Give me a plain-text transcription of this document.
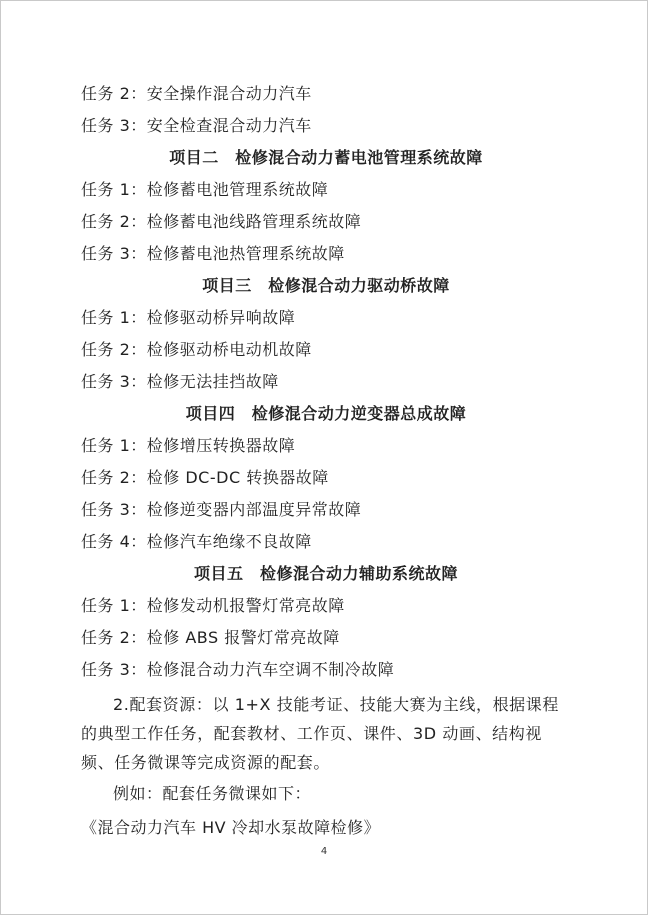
任务 2：安全操作混合动力汽车
任务 3：安全检查混合动力汽车
项目二　检修混合动力蓄电池管理系统故障
任务 1：检修蓄电池管理系统故障
任务 2：检修蓄电池线路管理系统故障
任务 3：检修蓄电池热管理系统故障
项目三　检修混合动力驱动桥故障
任务 1：检修驱动桥异响故障
任务 2：检修驱动桥电动机故障
任务 3：检修无法挂挡故障
项目四　检修混合动力逆变器总成故障
任务 1：检修增压转换器故障
任务 2：检修 DC-DC 转换器故障
任务 3：检修逆变器内部温度异常故障
任务 4：检修汽车绝缘不良故障
项目五　检修混合动力辅助系统故障
任务 1：检修发动机报警灯常亮故障
任务 2：检修 ABS 报警灯常亮故障
任务 3：检修混合动力汽车空调不制冷故障
2.配套资源：以 1+X 技能考证、技能大赛为主线，根据课程的典型工作任务，配套教材、工作页、课件、3D 动画、结构视频、任务微课等完成资源的配套。
例如：配套任务微课如下：
《混合动力汽车 HV 冷却水泵故障检修》
4
